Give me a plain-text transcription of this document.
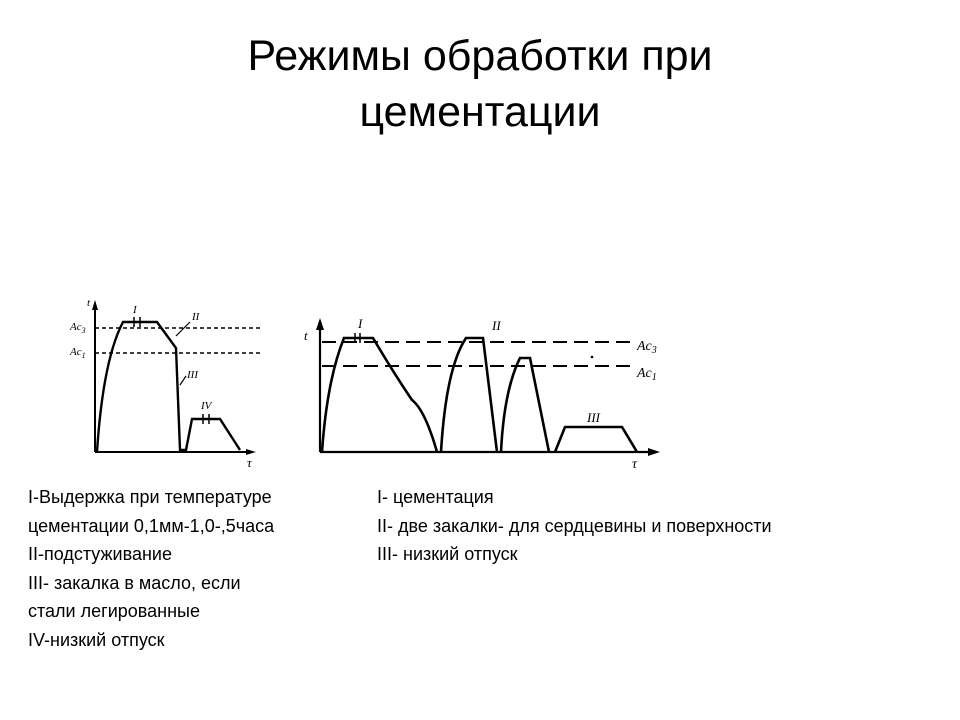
Режимы обработки при
цементации
t
τ
$Ac_3$
$Ac_1$
I
II
III
IV
t
τ
$Ac_3$
$Ac_1$
I	II
III
I-Выдержка при температуре
цементации 0,1мм-1,0-,5часа
II-подстуживание
III- закалка в масло, если
стали легированные
IV-низкий отпуск
I- цементация
II- две закалки- для сердцевины и поверхности
III- низкий отпуск
